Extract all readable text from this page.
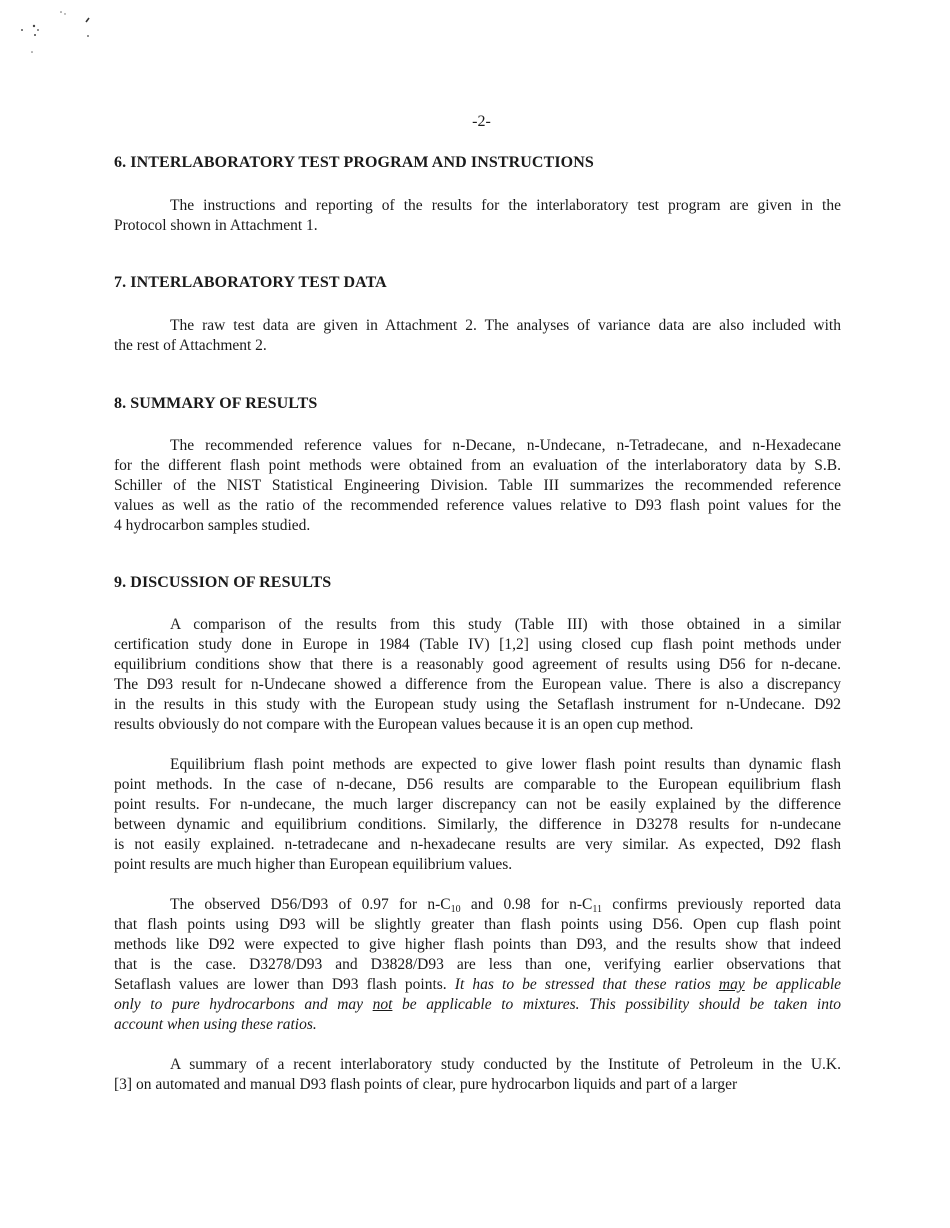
-2-
6. INTERLABORATORY TEST PROGRAM AND INSTRUCTIONS
The instructions and reporting of the results for the interlaboratory test program are given in the
Protocol shown in Attachment 1.
7. INTERLABORATORY TEST DATA
The raw test data are given in Attachment 2. The analyses of variance data are also included with
the rest of Attachment 2.
8. SUMMARY OF RESULTS
The recommended reference values for n-Decane, n-Undecane, n-Tetradecane, and n-Hexadecane
for the different flash point methods were obtained from an evaluation of the interlaboratory data by S.B.
Schiller of the NIST Statistical Engineering Division. Table III summarizes the recommended reference
values as well as the ratio of the recommended reference values relative to D93 flash point values for the
4 hydrocarbon samples studied.
9. DISCUSSION OF RESULTS
A comparison of the results from this study (Table III) with those obtained in a similar
certification study done in Europe in 1984 (Table IV) [1,2] using closed cup flash point methods under
equilibrium conditions show that there is a reasonably good agreement of results using D56 for n-decane.
The D93 result for n-Undecane showed a difference from the European value. There is also a discrepancy
in the results in this study with the European study using the Setaflash instrument for n-Undecane. D92
results obviously do not compare with the European values because it is an open cup method.
Equilibrium flash point methods are expected to give lower flash point results than dynamic flash
point methods. In the case of n-decane, D56 results are comparable to the European equilibrium flash
point results. For n-undecane, the much larger discrepancy can not be easily explained by the difference
between dynamic and equilibrium conditions. Similarly, the difference in D3278 results for n-undecane
is not easily explained. n-tetradecane and n-hexadecane results are very similar. As expected, D92 flash
point results are much higher than European equilibrium values.
The observed D56/D93 of 0.97 for $n-C_{10}$ and 0.98 for $n-C_{11}$ confirms previously reported data
that flash points using D93 will be slightly greater than flash points using D56. Open cup flash point
methods like D92 were expected to give higher flash points than D93, and the results show that indeed
that is the case. D3278/D93 and D3828/D93 are less than one, verifying earlier observations that
Setaflash values are lower than D93 flash points. It has to be stressed that these ratios may be applicable
only to pure hydrocarbons and may not be applicable to mixtures. This possibility should be taken into
account when using these ratios.
A summary of a recent interlaboratory study conducted by the Institute of Petroleum in the U.K.
[3] on automated and manual D93 flash points of clear, pure hydrocarbon liquids and part of a larger
